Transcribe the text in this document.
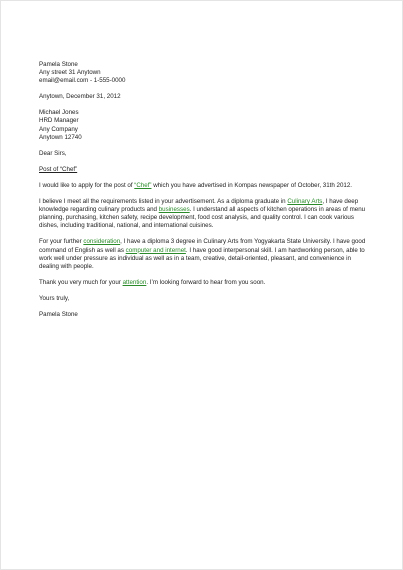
Pamela Stone
Any street 31 Anytown
email@email.com - 1-555-0000
Anytown, December 31, 2012
Michael Jones
HRD Manager
Any Company
Anytown 12740
Dear Sirs,
Post of “Chef”
I would like to apply for the post of “Chef” which you have advertised in Kompas newspaper of October, 31th 2012.
I believe I meet all the requirements listed in your advertisement. As a diploma graduate in Culinary Arts, I have deep knowledge regarding culinary products and businesses. I understand all aspects of kitchen operations in areas of menu planning, purchasing, kitchen safety, recipe development, food cost analysis, and quality control. I can cook various dishes, including traditional, national, and international cuisines.
For your further consideration, I have a diploma 3 degree in Culinary Arts from Yogyakarta State University. I have good command of English as well as computer and internet. I have good interpersonal skill. I am hardworking person, able to work well under pressure as individual as well as in a team, creative, detail-oriented, pleasant, and convenience in dealing with people.
Thank you very much for your attention. I’m looking forward to hear from you soon.
Yours truly,
Pamela Stone
